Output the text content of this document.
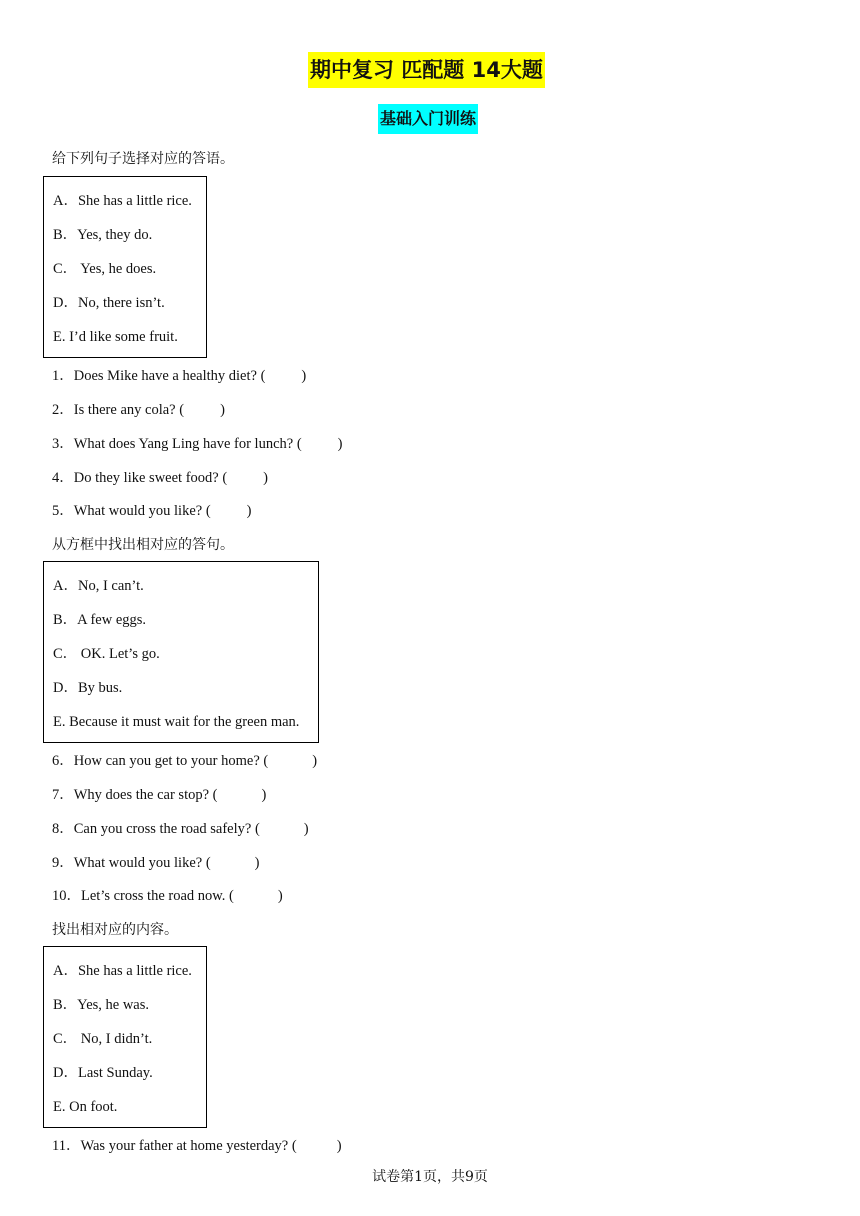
期中复习 匹配题 14大题
基础入门训练
给下列句子选择对应的答语。
A．She has a little rice.
B．Yes, they do.
C． Yes, he does.
D．No, there isn’t.
E. I’d like some fruit.
1．Does Mike have a healthy diet? ( )
2．Is there any cola? ( )
3．What does Yang Ling have for lunch? ( )
4．Do they like sweet food? ( )
5．What would you like? ( )
从方框中找出相对应的答句。
A．No, I can’t.
B．A few eggs.
C． OK. Let’s go.
D．By bus.
E. Because it must wait for the green man.
6．How can you get to your home? (	)
7．Why does the car stop? (	)
8．Can you cross the road safely? (	)
9．What would you like? (	)
10．Let’s cross the road now. (	)
找出相对应的内容。
A．She has a little rice.
B．Yes, he was.
C． No, I didn’t.
D．Last Sunday.
E. On foot.
11．Was your father at home yesterday? (	)
试卷第1页，共9页
